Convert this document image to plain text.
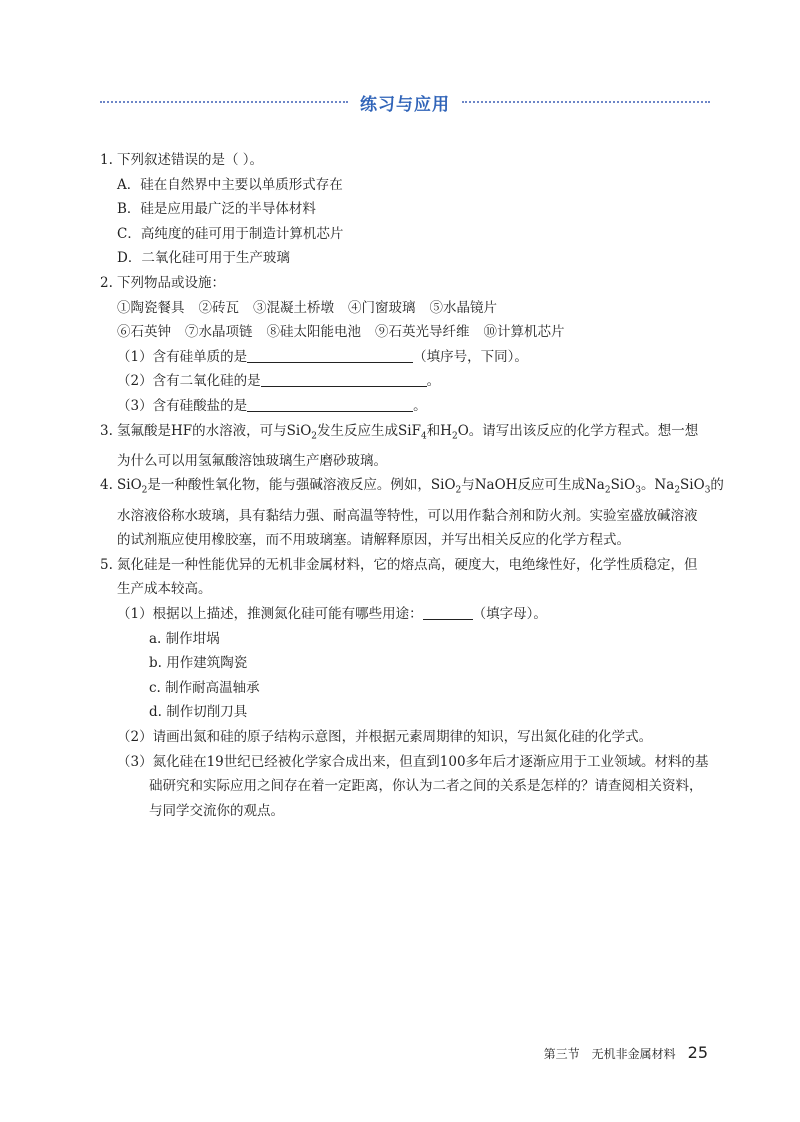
练习与应用
1. 下列叙述错误的是（ ）。
A．硅在自然界中主要以单质形式存在
B．硅是应用最广泛的半导体材料
C．高纯度的硅可用于制造计算机芯片
D．二氧化硅可用于生产玻璃
2. 下列物品或设施：
①陶瓷餐具 ②砖瓦 ③混凝土桥墩 ④门窗玻璃 ⑤水晶镜片
⑥石英钟 ⑦水晶项链 ⑧硅太阳能电池 ⑨石英光导纤维 ⑩计算机芯片
（1）含有硅单质的是	（填序号，下同）。
（2）含有二氧化硅的是	。
（3）含有硅酸盐的是	。
3. 氢氟酸是HF的水溶液，可与SiO$_2$发生反应生成SiF$_4$和$H_2O$。请写出该反应的化学方程式。想一想
为什么可以用氢氟酸溶蚀玻璃生产磨砂玻璃。
4. SiO$_2$是一种酸性氧化物，能与强碱溶液反应。例如，SiO$_2$与NaOH反应可生成$Na_2SiO_3$。$Na_2SiO_3$的
水溶液俗称水玻璃，具有黏结力强、耐高温等特性，可以用作黏合剂和防火剂。实验室盛放碱溶液
的试剂瓶应使用橡胶塞，而不用玻璃塞。请解释原因，并写出相关反应的化学方程式。
5. 氮化硅是一种性能优异的无机非金属材料，它的熔点高，硬度大，电绝缘性好，化学性质稳定，但
生产成本较高。
（1）根据以上描述，推测氮化硅可能有哪些用途：	（填字母）。
a. 制作坩埚
b. 用作建筑陶瓷
c. 制作耐高温轴承
d. 制作切削刀具
（2）请画出氮和硅的原子结构示意图，并根据元素周期律的知识，写出氮化硅的化学式。
（3）氮化硅在19世纪已经被化学家合成出来，但直到100多年后才逐渐应用于工业领域。材料的基
础研究和实际应用之间存在着一定距离，你认为二者之间的关系是怎样的？请查阅相关资料，
与同学交流你的观点。
第三节　无机非金属材料 25
